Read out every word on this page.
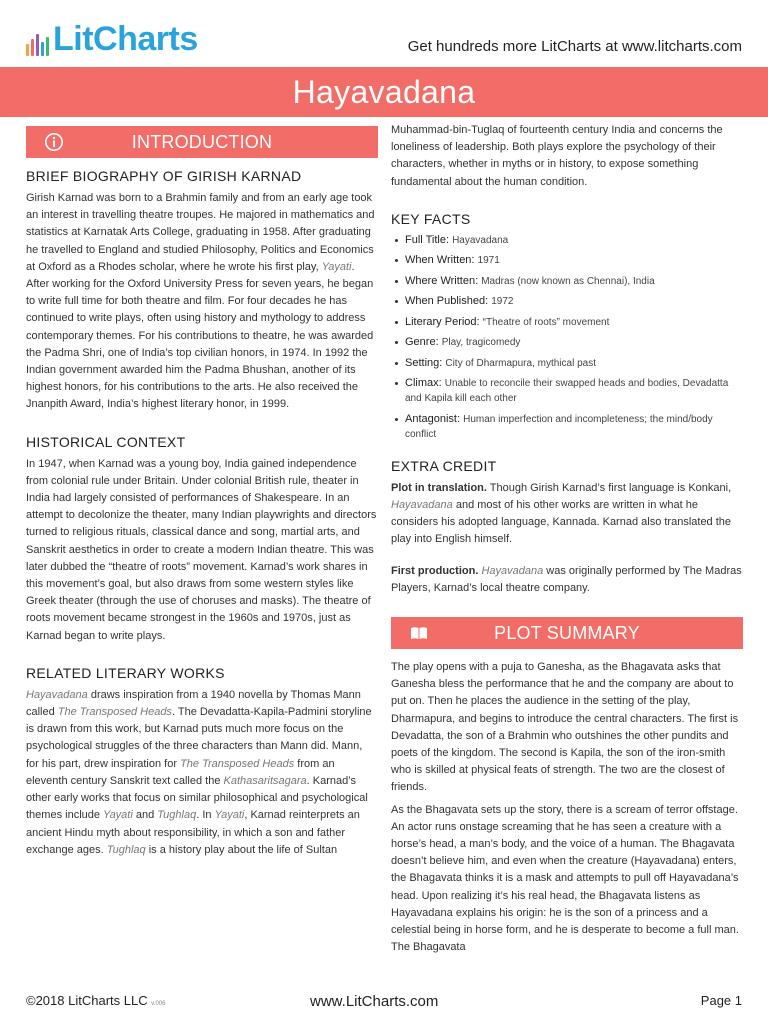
LitCharts	Get hundreds more LitCharts at www.litcharts.com
Hayavadana
INTRODUCTION
BRIEF BIOGRAPHY OF GIRISH KARNAD

Girish Karnad was born to a Brahmin family and from an early age took an interest in travelling theatre troupes. He majored in mathematics and statistics at Karnatak Arts College, graduating in 1958. After graduating he travelled to England and studied Philosophy, Politics and Economics at Oxford as a Rhodes scholar, where he wrote his first play, Yayati. After working for the Oxford University Press for seven years, he began to write full time for both theatre and film. For four decades he has continued to write plays, often using history and mythology to address contemporary themes. For his contributions to theatre, he was awarded the Padma Shri, one of India’s top civilian honors, in 1974. In 1992 the Indian government awarded him the Padma Bhushan, another of its highest honors, for his contributions to the arts. He also received the Jnanpith Award, India’s highest literary honor, in 1999.

HISTORICAL CONTEXT

In 1947, when Karnad was a young boy, India gained independence from colonial rule under Britain. Under colonial British rule, theater in India had largely consisted of performances of Shakespeare. In an attempt to decolonize the theater, many Indian playwrights and directors turned to religious rituals, classical dance and song, martial arts, and Sanskrit aesthetics in order to create a modern Indian theatre. This was later dubbed the “theatre of roots” movement. Karnad’s work shares in this movement’s goal, but also draws from some western styles like Greek theater (through the use of choruses and masks). The theatre of roots movement became strongest in the 1960s and 1970s, just as Karnad began to write plays.

RELATED LITERARY WORKS

Hayavadana draws inspiration from a 1940 novella by Thomas Mann called The Transposed Heads. The Devadatta-Kapila-Padmini storyline is drawn from this work, but Karnad puts much more focus on the psychological struggles of the three characters than Mann did. Mann, for his part, drew inspiration for The Transposed Heads from an eleventh century Sanskrit text called the Kathasaritsagara. Karnad’s other early works that focus on similar philosophical and psychological themes include Yayati and Tughlaq. In Yayati, Karnad reinterprets an ancient Hindu myth about responsibility, in which a son and father exchange ages. Tughlaq is a history play about the life of Sultan

Muhammad-bin-Tuglaq of fourteenth century India and concerns the loneliness of leadership. Both plays explore the psychology of their characters, whether in myths or in history, to expose something fundamental about the human condition.

KEY FACTS
Full Title: Hayavadana
When Written: 1971
Where Written: Madras (now known as Chennai), India
When Published: 1972
Literary Period: “Theatre of roots” movement
Genre: Play, tragicomedy
Setting: City of Dharmapura, mythical past
Climax: Unable to reconcile their swapped heads and bodies, Devadatta and Kapila kill each other
Antagonist: Human imperfection and incompleteness; the mind/body conflict
EXTRA CREDIT

Plot in translation. Though Girish Karnad’s first language is Konkani, Hayavadana and most of his other works are written in what he considers his adopted language, Kannada. Karnad also translated the play into English himself.

First production. Hayavadana was originally performed by The Madras Players, Karnad’s local theatre company.

PLOT SUMMARY

The play opens with a puja to Ganesha, as the Bhagavata asks that Ganesha bless the performance that he and the company are about to put on. Then he places the audience in the setting of the play, Dharmapura, and begins to introduce the central characters. The first is Devadatta, the son of a Brahmin who outshines the other pundits and poets of the kingdom. The second is Kapila, the son of the iron-smith who is skilled at physical feats of strength. The two are the closest of friends.

As the Bhagavata sets up the story, there is a scream of terror offstage. An actor runs onstage screaming that he has seen a creature with a horse’s head, a man’s body, and the voice of a human. The Bhagavata doesn’t believe him, and even when the creature (Hayavadana) enters, the Bhagavata thinks it is a mask and attempts to pull off Hayavadana’s head. Upon realizing it’s his real head, the Bhagavata listens as Hayavadana explains his origin: he is the son of a princess and a celestial being in horse form, and he is desperate to become a full man. The Bhagavata

©2018 LitCharts LLC v.006	www.LitCharts.com	Page 1
